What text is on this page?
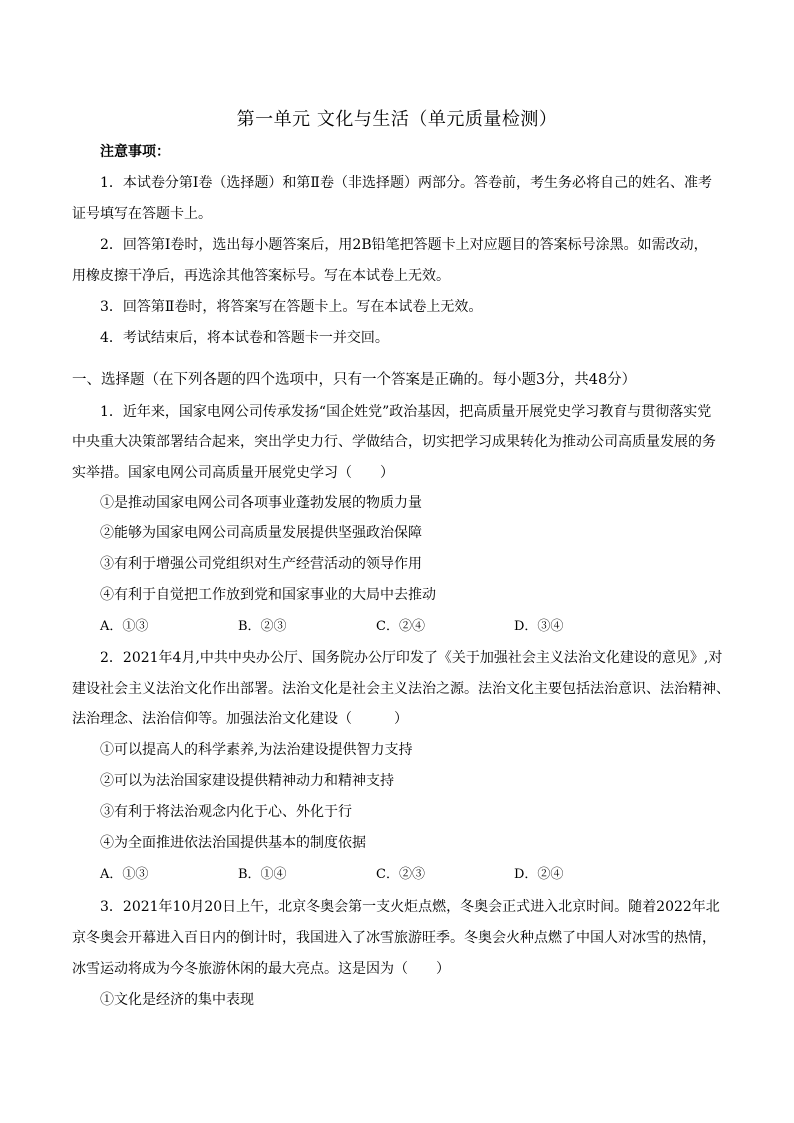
第一单元 文化与生活（单元质量检测）
注意事项：
1．本试卷分第Ⅰ卷（选择题）和第Ⅱ卷（非选择题）两部分。答卷前，考生务必将自己的姓名、准考
证号填写在答题卡上。
2．回答第Ⅰ卷时，选出每小题答案后，用2B铅笔把答题卡上对应题目的答案标号涂黑。如需改动，
用橡皮擦干净后，再选涂其他答案标号。写在本试卷上无效。
3．回答第Ⅱ卷时，将答案写在答题卡上。写在本试卷上无效。
4．考试结束后，将本试卷和答题卡一并交回。
一、选择题（在下列各题的四个选项中，只有一个答案是正确的。每小题3分，共48分）
1．近年来，国家电网公司传承发扬“国企姓党”政治基因，把高质量开展党史学习教育与贯彻落实党
中央重大决策部署结合起来，突出学史力行、学做结合，切实把学习成果转化为推动公司高质量发展的务
实举措。国家电网公司高质量开展党史学习（　　）
①是推动国家电网公司各项事业蓬勃发展的物质力量
②能够为国家电网公司高质量发展提供坚强政治保障
③有利于增强公司党组织对生产经营活动的领导作用
④有利于自觉把工作放到党和国家事业的大局中去推动
A．①③	B．②③	C．②④	D．③④
2．2021年4月,中共中央办公厅、国务院办公厅印发了《关于加强社会主义法治文化建设的意见》,对
建设社会主义法治文化作出部署。法治文化是社会主义法治之源。法治文化主要包括法治意识、法治精神、
法治理念、法治信仰等。加强法治文化建设（　　　）
①可以提高人的科学素养,为法治建设提供智力支持
②可以为法治国家建设提供精神动力和精神支持
③有利于将法治观念内化于心、外化于行
④为全面推进依法治国提供基本的制度依据
A．①③	B．①④	C．②③	D．②④
3．2021年10月20日上午，北京冬奥会第一支火炬点燃，冬奥会正式进入北京时间。随着2022年北
京冬奥会开幕进入百日内的倒计时，我国进入了冰雪旅游旺季。冬奥会火种点燃了中国人对冰雪的热情，
冰雪运动将成为今冬旅游休闲的最大亮点。这是因为（　　）
①文化是经济的集中表现
